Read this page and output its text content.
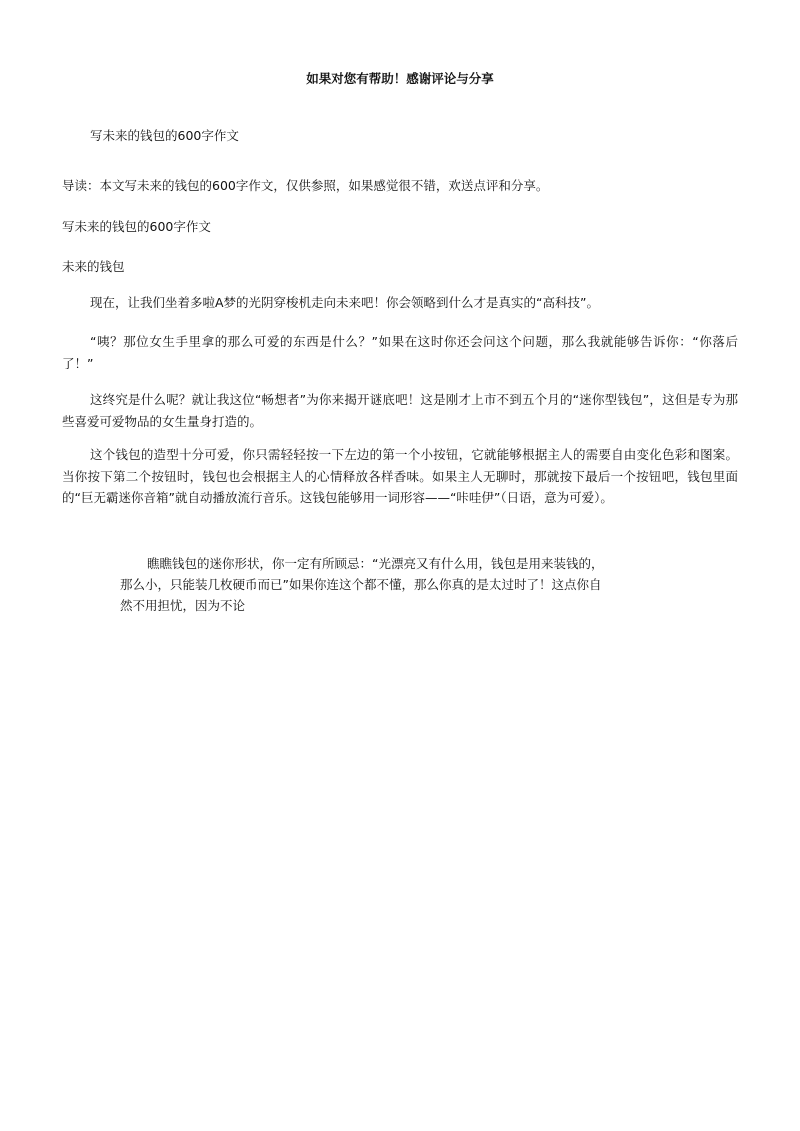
如果对您有帮助！感谢评论与分享

写未来的钱包的600字作文

导读：本文写未来的钱包的600字作文，仅供参照，如果感觉很不错，欢送点评和分享。

写未来的钱包的600字作文

未来的钱包

现在，让我们坐着多啦A梦的光阴穿梭机走向未来吧！你会领略到什么才是真实的“高科技”。

“咦？那位女生手里拿的那么可爱的东西是什么？”如果在这时你还会问这个问题，那么我就能够告诉你：“你落后了！”

这终究是什么呢？就让我这位“畅想者”为你来揭开谜底吧！这是刚才上市不到五个月的“迷你型钱包”，这但是专为那些喜爱可爱物品的女生量身打造的。

这个钱包的造型十分可爱，你只需轻轻按一下左边的第一个小按钮，它就能够根据主人的需要自由变化色彩和图案。当你按下第二个按钮时，钱包也会根据主人的心情释放各样香味。如果主人无聊时，那就按下最后一个按钮吧，钱包里面的“巨无霸迷你音箱”就自动播放流行音乐。这钱包能够用一词形容——“咔哇伊”（日语，意为可爱）。

瞧瞧钱包的迷你形状，你一定有所顾忌：“光漂亮又有什么用，钱包是用来装钱的，
那么小，只能装几枚硬币而已”如果你连这个都不懂，那么你真的是太过时了！这点你自
然不用担忧，因为不论
